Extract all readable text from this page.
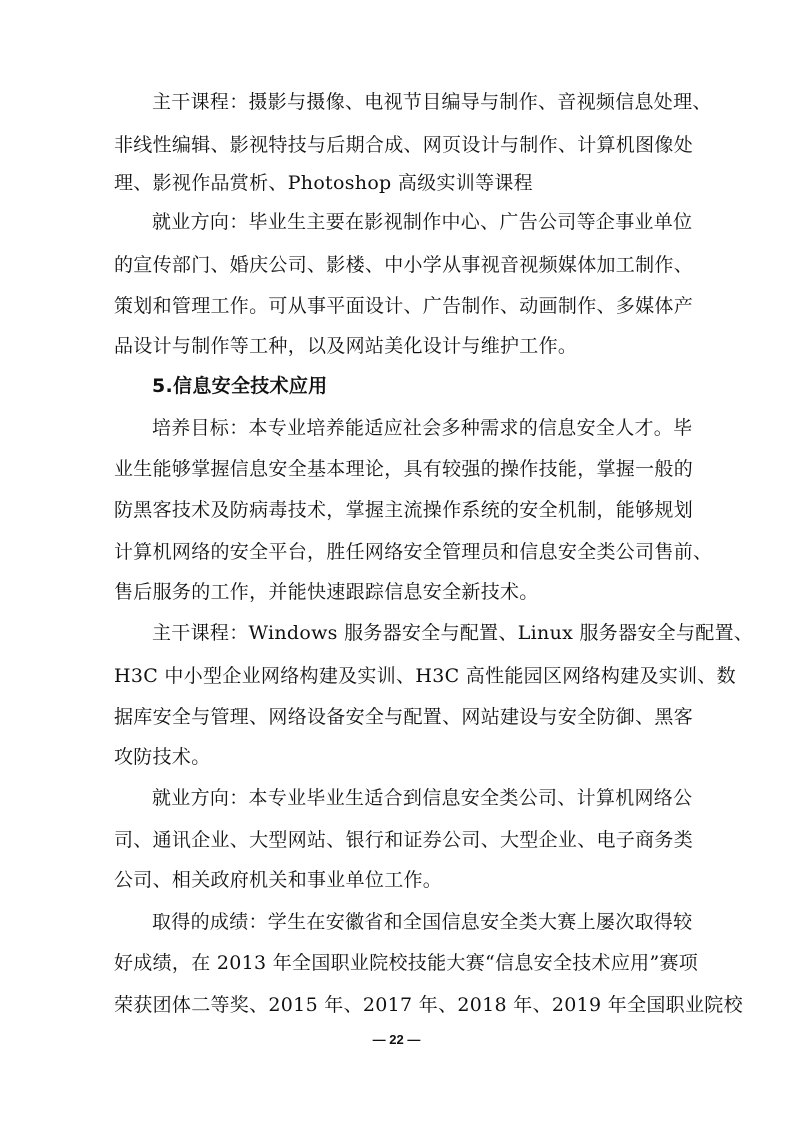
主干课程：摄影与摄像、电视节目编导与制作、音视频信息处理、
非线性编辑、影视特技与后期合成、网页设计与制作、计算机图像处
理、影视作品赏析、Photoshop 高级实训等课程
就业方向：毕业生主要在影视制作中心、广告公司等企事业单位
的宣传部门、婚庆公司、影楼、中小学从事视音视频媒体加工制作、
策划和管理工作。可从事平面设计、广告制作、动画制作、多媒体产
品设计与制作等工种，以及网站美化设计与维护工作。
5.信息安全技术应用
培养目标：本专业培养能适应社会多种需求的信息安全人才。毕
业生能够掌握信息安全基本理论，具有较强的操作技能，掌握一般的
防黑客技术及防病毒技术，掌握主流操作系统的安全机制，能够规划
计算机网络的安全平台，胜任网络安全管理员和信息安全类公司售前、
售后服务的工作，并能快速跟踪信息安全新技术。
主干课程：Windows 服务器安全与配置、Linux 服务器安全与配置、
H3C 中小型企业网络构建及实训、H3C 高性能园区网络构建及实训、数
据库安全与管理、网络设备安全与配置、网站建设与安全防御、黑客
攻防技术。
就业方向：本专业毕业生适合到信息安全类公司、计算机网络公
司、通讯企业、大型网站、银行和证券公司、大型企业、电子商务类
公司、相关政府机关和事业单位工作。
取得的成绩：学生在安徽省和全国信息安全类大赛上屡次取得较
好成绩，在 2013 年全国职业院校技能大赛“信息安全技术应用”赛项
荣获团体二等奖、2015 年、2017 年、2018 年、2019 年全国职业院校
— 22 —
